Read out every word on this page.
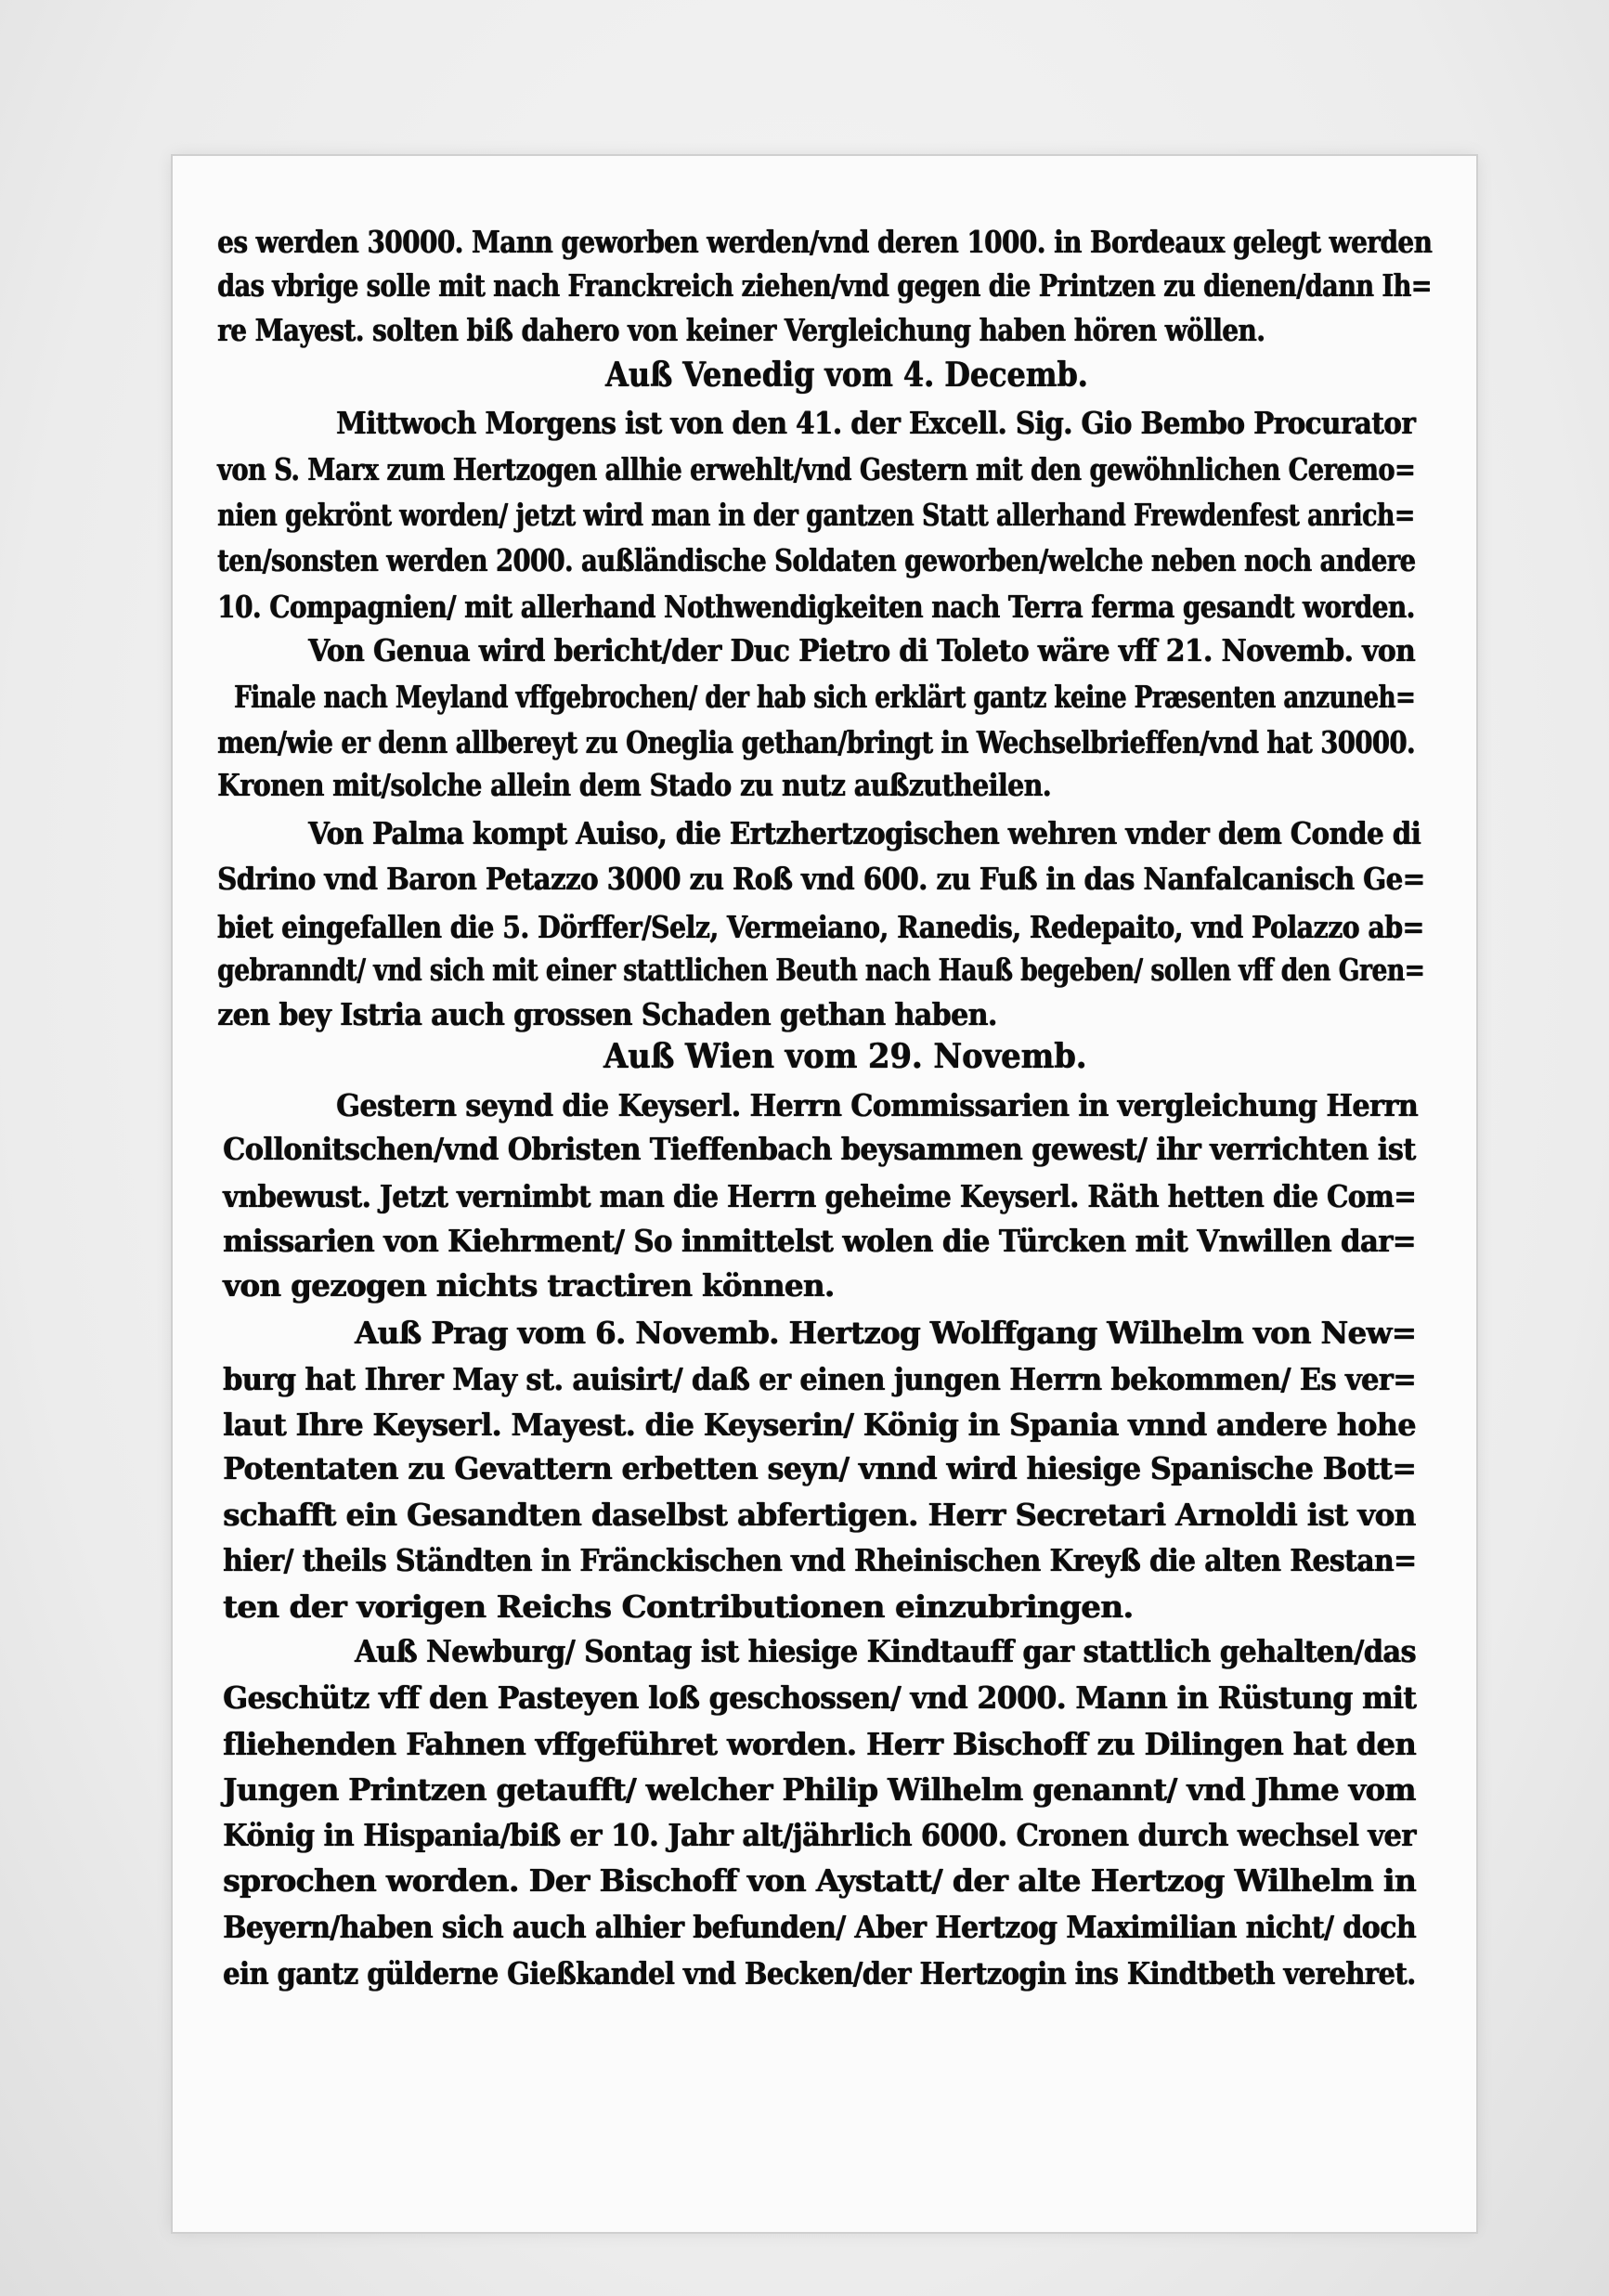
es werden 30000. Mann geworben werden/vnd deren 1000. in Bordeaux gelegt werden
das vbrige solle mit nach Franckreich ziehen/vnd gegen die Printzen zu dienen/dann Ih=
re Mayest. solten biß dahero von keiner Vergleichung haben hören wöllen.
Auß Venedig vom 4. Decemb.
Mittwoch Morgens ist von den 41. der Excell. Sig. Gio Bembo Procurator
von S. Marx zum Hertzogen allhie erwehlt/vnd Gestern mit den gewöhnlichen Ceremo=
nien gekrönt worden/ jetzt wird man in der gantzen Statt allerhand Frewdenfest anrich=
ten/sonsten werden 2000. außländische Soldaten geworben/welche neben noch andere
10. Compagnien/ mit allerhand Nothwendigkeiten nach Terra ferma gesandt worden.
Von Genua wird bericht/der Duc Pietro di Toleto wäre vff 21. Novemb. von
Finale nach Meyland vffgebrochen/ der hab sich erklärt gantz keine Præsenten anzuneh=
men/wie er denn allbereyt zu Oneglia gethan/bringt in Wechselbrieffen/vnd hat 30000.
Kronen mit/solche allein dem Stado zu nutz außzutheilen.
Von Palma kompt Auiso, die Ertzhertzogischen wehren vnder dem Conde di
Sdrino vnd Baron Petazzo 3000 zu Roß vnd 600. zu Fuß in das Nanfalcanisch Ge=
biet eingefallen die 5. Dörffer/Selz, Vermeiano, Ranedis, Redepaito, vnd Polazzo ab=
gebranndt/ vnd sich mit einer stattlichen Beuth nach Hauß begeben/ sollen vff den Gren=
zen bey Istria auch grossen Schaden gethan haben.
Auß Wien vom 29. Novemb.
Gestern seynd die Keyserl. Herrn Commissarien in vergleichung Herrn
Collonitschen/vnd Obristen Tieffenbach beysammen gewest/ ihr verrichten ist
vnbewust. Jetzt vernimbt man die Herrn geheime Keyserl. Räth hetten die Com=
missarien von Kiehrment/ So inmittelst wolen die Türcken mit Vnwillen dar=
von gezogen nichts tractiren können.
Auß Prag vom 6. Novemb. Hertzog Wolffgang Wilhelm von New=
burg hat Ihrer May st. auisirt/ daß er einen jungen Herrn bekommen/ Es ver=
laut Ihre Keyserl. Mayest. die Keyserin/ König in Spania vnnd andere hohe
Potentaten zu Gevattern erbetten seyn/ vnnd wird hiesige Spanische Bott=
schafft ein Gesandten daselbst abfertigen. Herr Secretari Arnoldi ist von
hier/ theils Ständten in Fränckischen vnd Rheinischen Kreyß die alten Restan=
ten der vorigen Reichs Contributionen einzubringen.
Auß Newburg/ Sontag ist hiesige Kindtauff gar stattlich gehalten/das
Geschütz vff den Pasteyen loß geschossen/ vnd 2000. Mann in Rüstung mit
fliehenden Fahnen vffgeführet worden. Herr Bischoff zu Dilingen hat den
Jungen Printzen getaufft/ welcher Philip Wilhelm genannt/ vnd Jhme vom
König in Hispania/biß er 10. Jahr alt/jährlich 6000. Cronen durch wechsel ver
sprochen worden. Der Bischoff von Aystatt/ der alte Hertzog Wilhelm in
Beyern/haben sich auch alhier befunden/ Aber Hertzog Maximilian nicht/ doch
ein gantz gülderne Gießkandel vnd Becken/der Hertzogin ins Kindtbeth verehret.
